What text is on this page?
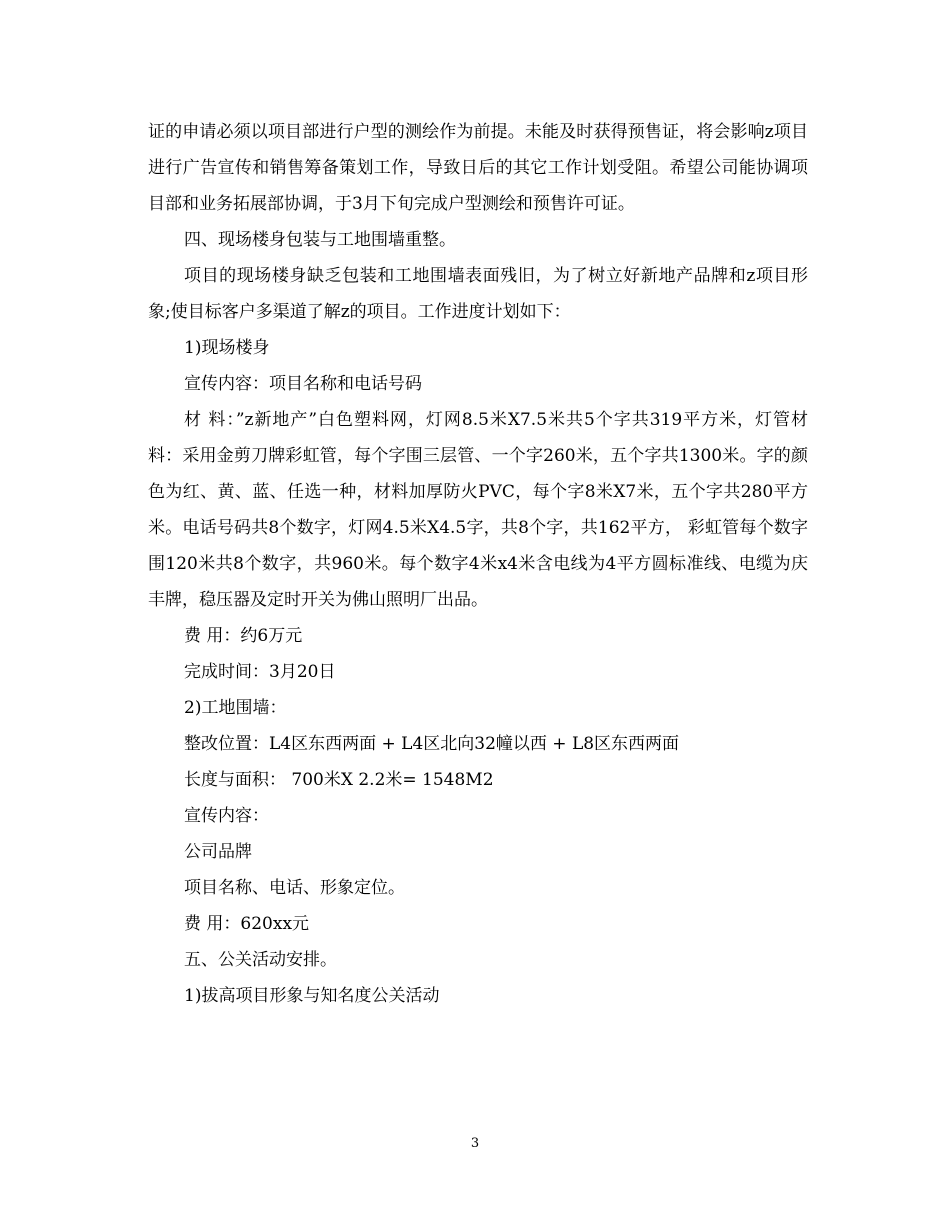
证的申请必须以项目部进行户型的测绘作为前提。未能及时获得预售证，将会影响z项目进行广告宣传和销售筹备策划工作，导致日后的其它工作计划受阻。希望公司能协调项目部和业务拓展部协调，于3月下旬完成户型测绘和预售许可证。

四、现场楼身包装与工地围墙重整。

项目的现场楼身缺乏包装和工地围墙表面残旧，为了树立好新地产品牌和z项目形象;使目标客户多渠道了解z的项目。工作进度计划如下：

1)现场楼身

宣传内容：项目名称和电话号码

材 料：”z新地产”白色塑料网，灯网8.5米X7.5米共5个字共319平方米，灯管材料：采用金剪刀牌彩虹管，每个字围三层管、一个字260米，五个字共1300米。字的颜色为红、黄、蓝、任选一种，材料加厚防火PVC，每个字8米X7米，五个字共280平方米。电话号码共8个数字，灯网4.5米X4.5字，共8个字，共162平方， 彩虹管每个数字围120米共8个数字，共960米。每个数字4米x4米含电线为4平方圆标准线、电缆为庆丰牌，稳压器及定时开关为佛山照明厂出品。

费 用：约6万元

完成时间：3月20日

2)工地围墙：

整改位置：L4区东西两面 + L4区北向32幢以西 + L8区东西两面

长度与面积： 700米X 2.2米= 1548M2

宣传内容：

公司品牌

项目名称、电话、形象定位。

费 用：620xx元

五、公关活动安排。

1)拔高项目形象与知名度公关活动

3
